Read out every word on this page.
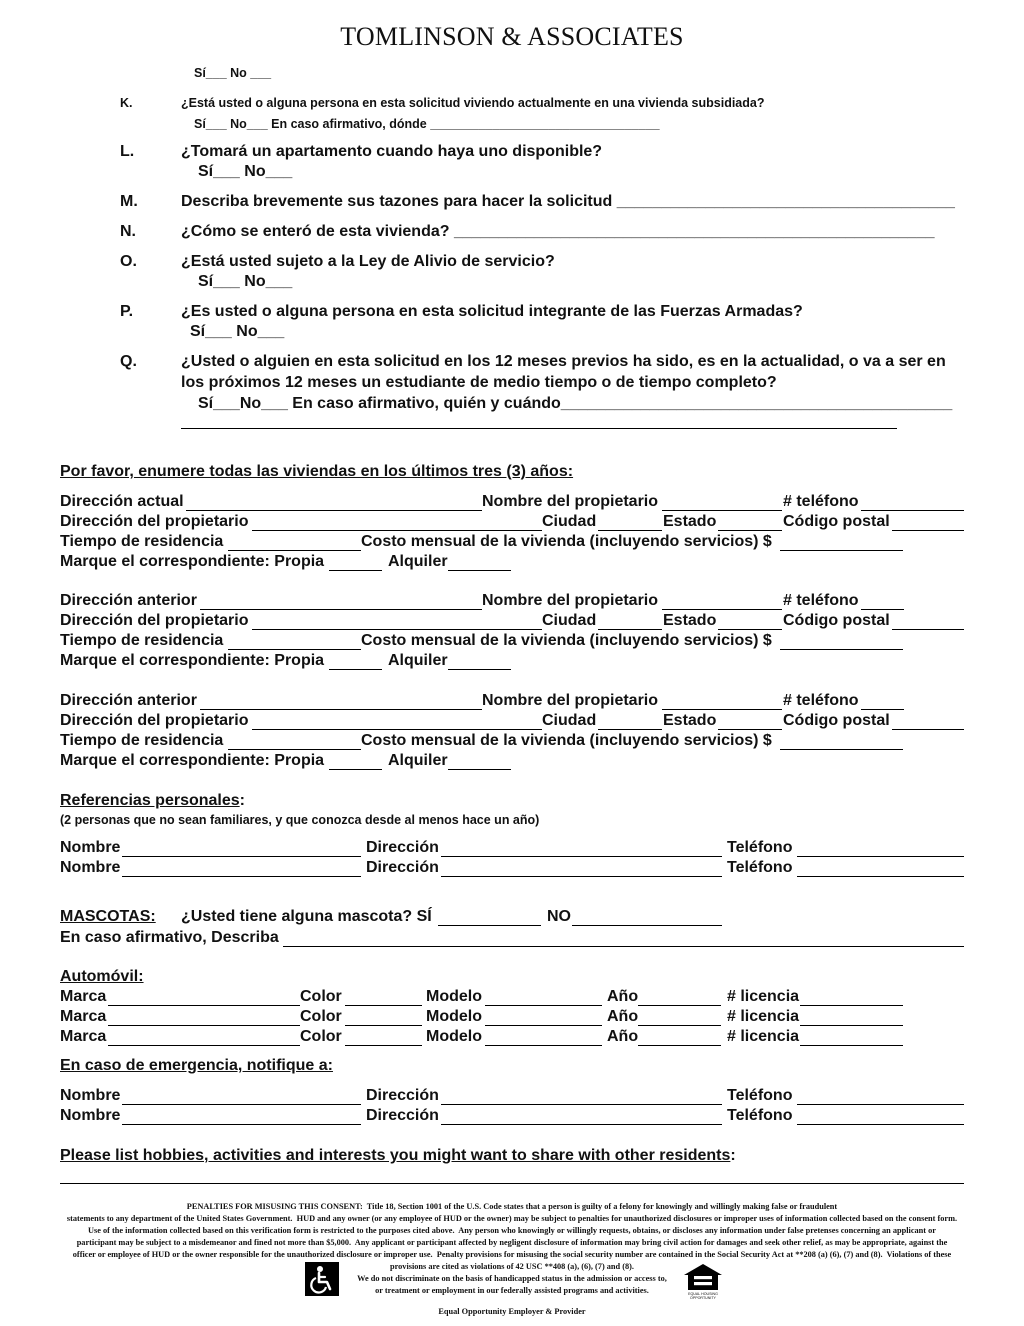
TOMLINSON & ASSOCIATES
Sí___ No ___
K.	¿Está usted o alguna persona en esta solicitud viviendo actualmente en una vivienda subsidiada?
Sí___ No___ En caso afirmativo, dónde _________________________________
L.	¿Tomará un apartamento cuando haya uno disponible?
Sí___ No___
M.	Describa brevemente sus tazones para hacer la solicitud ______________________________________
N.	¿Cómo se enteró de esta vivienda? ______________________________________________________
O.	¿Está usted sujeto a la Ley de Alivio de servicio?
Sí___ No___
P.	¿Es usted o alguna persona en esta solicitud integrante de las Fuerzas Armadas?
Sí___ No___
Q.	¿Usted o alguien en esta solicitud en los 12 meses previos ha sido, es en la actualidad, o va a ser en
los próximos 12 meses un estudiante de medio tiempo o de tiempo completo?
Sí___No___ En caso afirmativo, quién y cuándo____________________________________________
Por favor, enumere todas las viviendas en los últimos tres (3) años:
Dirección actual	Nombre del propietario	# teléfono
Dirección del propietario	Ciudad	Estado	Código postal
Tiempo de residencia	Costo mensual de la vivienda (incluyendo servicios) $
Marque el correspondiente: Propia	Alquiler
Dirección anterior	Nombre del propietario	# teléfono
Dirección del propietario	Ciudad	Estado	Código postal
Tiempo de residencia	Costo mensual de la vivienda (incluyendo servicios) $
Marque el correspondiente: Propia	Alquiler
Dirección anterior	Nombre del propietario	# teléfono
Dirección del propietario	Ciudad	Estado	Código postal
Tiempo de residencia	Costo mensual de la vivienda (incluyendo servicios) $
Marque el correspondiente: Propia	Alquiler
Referencias personales:
(2 personas que no sean familiares, y que conozca desde al menos hace un año)
Nombre	Dirección	Teléfono
Nombre	Dirección	Teléfono
MASCOTAS: ¿Usted tiene alguna mascota? SÍ	NO
En caso afirmativo, Describa
Automóvil:
Marca	Color	Modelo	Año	# licencia
Marca	Color	Modelo	Año	# licencia
Marca	Color	Modelo	Año	# licencia
En caso de emergencia, notifique a:
Nombre	Dirección	Teléfono
Nombre	Dirección	Teléfono
Please list hobbies, activities and interests you might want to share with other residents:
PENALTIES FOR MISUSING THIS CONSENT:  Title 18, Section 1001 of the U.S. Code states that a person is guilty of a felony for knowingly and willingly making false or fraudulent
statements to any department of the United States Government.  HUD and any owner (or any employee of HUD or the owner) may be subject to penalties for unauthorized disclosures or improper uses of information collected based on the consent form.
Use of the information collected based on this verification form is restricted to the purposes cited above.  Any person who knowingly or willingly requests, obtains, or discloses any information under false pretenses concerning an applicant or
participant may be subject to a misdemeanor and fined not more than $5,000.  Any applicant or participant affected by negligent disclosure of information may bring civil action for damages and seek other relief, as may be appropriate, against the
officer or employee of HUD or the owner responsible for the unauthorized disclosure or improper use.  Penalty provisions for misusing the social security number are contained in the Social Security Act at **208 (a) (6), (7) and (8).  Violations of these
provisions are cited as violations of 42 USC **408 (a), (6), (7) and (8).
We do not discriminate on the basis of handicapped status in the admission or access to,
or treatment or employment in our federally assisted programs and activities.
Equal Opportunity Employer & Provider
EQUAL HOUSING OPPORTUNITY
